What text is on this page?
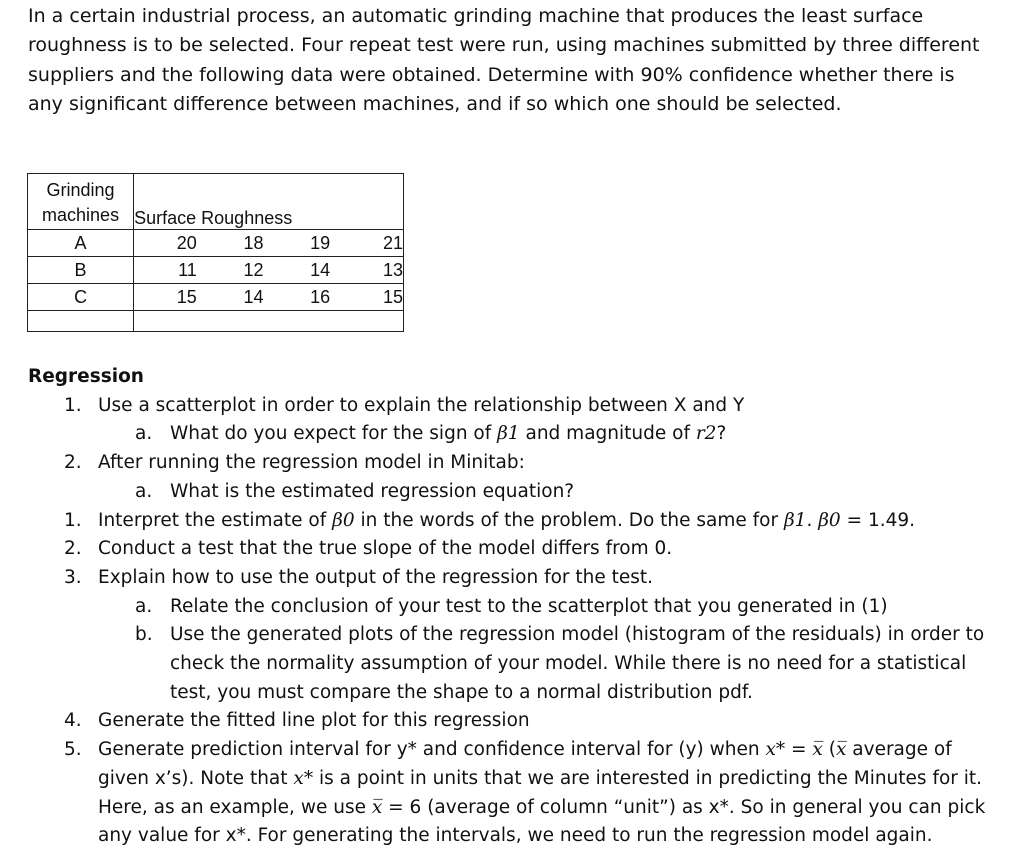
In a certain industrial process, an automatic grinding machine that produces the least surface roughness is to be selected. Four repeat test were run, using machines submitted by three different suppliers and the following data were obtained. Determine with 90% confidence whether there is any significant difference between machines, and if so which one should be selected.

Grinding
machines	Surface Roughness			
A	20	18	19	21
B	11	12	14	13
C	15	14	16	15

Regression

1. Use a scatterplot in order to explain the relationship between X and Y

a. What do you expect for the sign of β1 and magnitude of r2?

2. After running the regression model in Minitab:

a. What is the estimated regression equation?

1. Interpret the estimate of β0 in the words of the problem. Do the same for β1. β0 = 1.49.

2. Conduct a test that the true slope of the model differs from 0.

3. Explain how to use the output of the regression for the test.

a. Relate the conclusion of your test to the scatterplot that you generated in (1)

b. Use the generated plots of the regression model (histogram of the residuals) in order to check the normality assumption of your model. While there is no need for a statistical test, you must compare the shape to a normal distribution pdf.

4. Generate the fitted line plot for this regression

5. Generate prediction interval for y* and confidence interval for (y) when x* = x̅ (x̅ average of given x’s). Note that x* is a point in units that we are interested in predicting the Minutes for it. Here, as an example, we use x̅ = 6 (average of column “unit”) as x*. So in general you can pick any value for x*. For generating the intervals, we need to run the regression model again.
